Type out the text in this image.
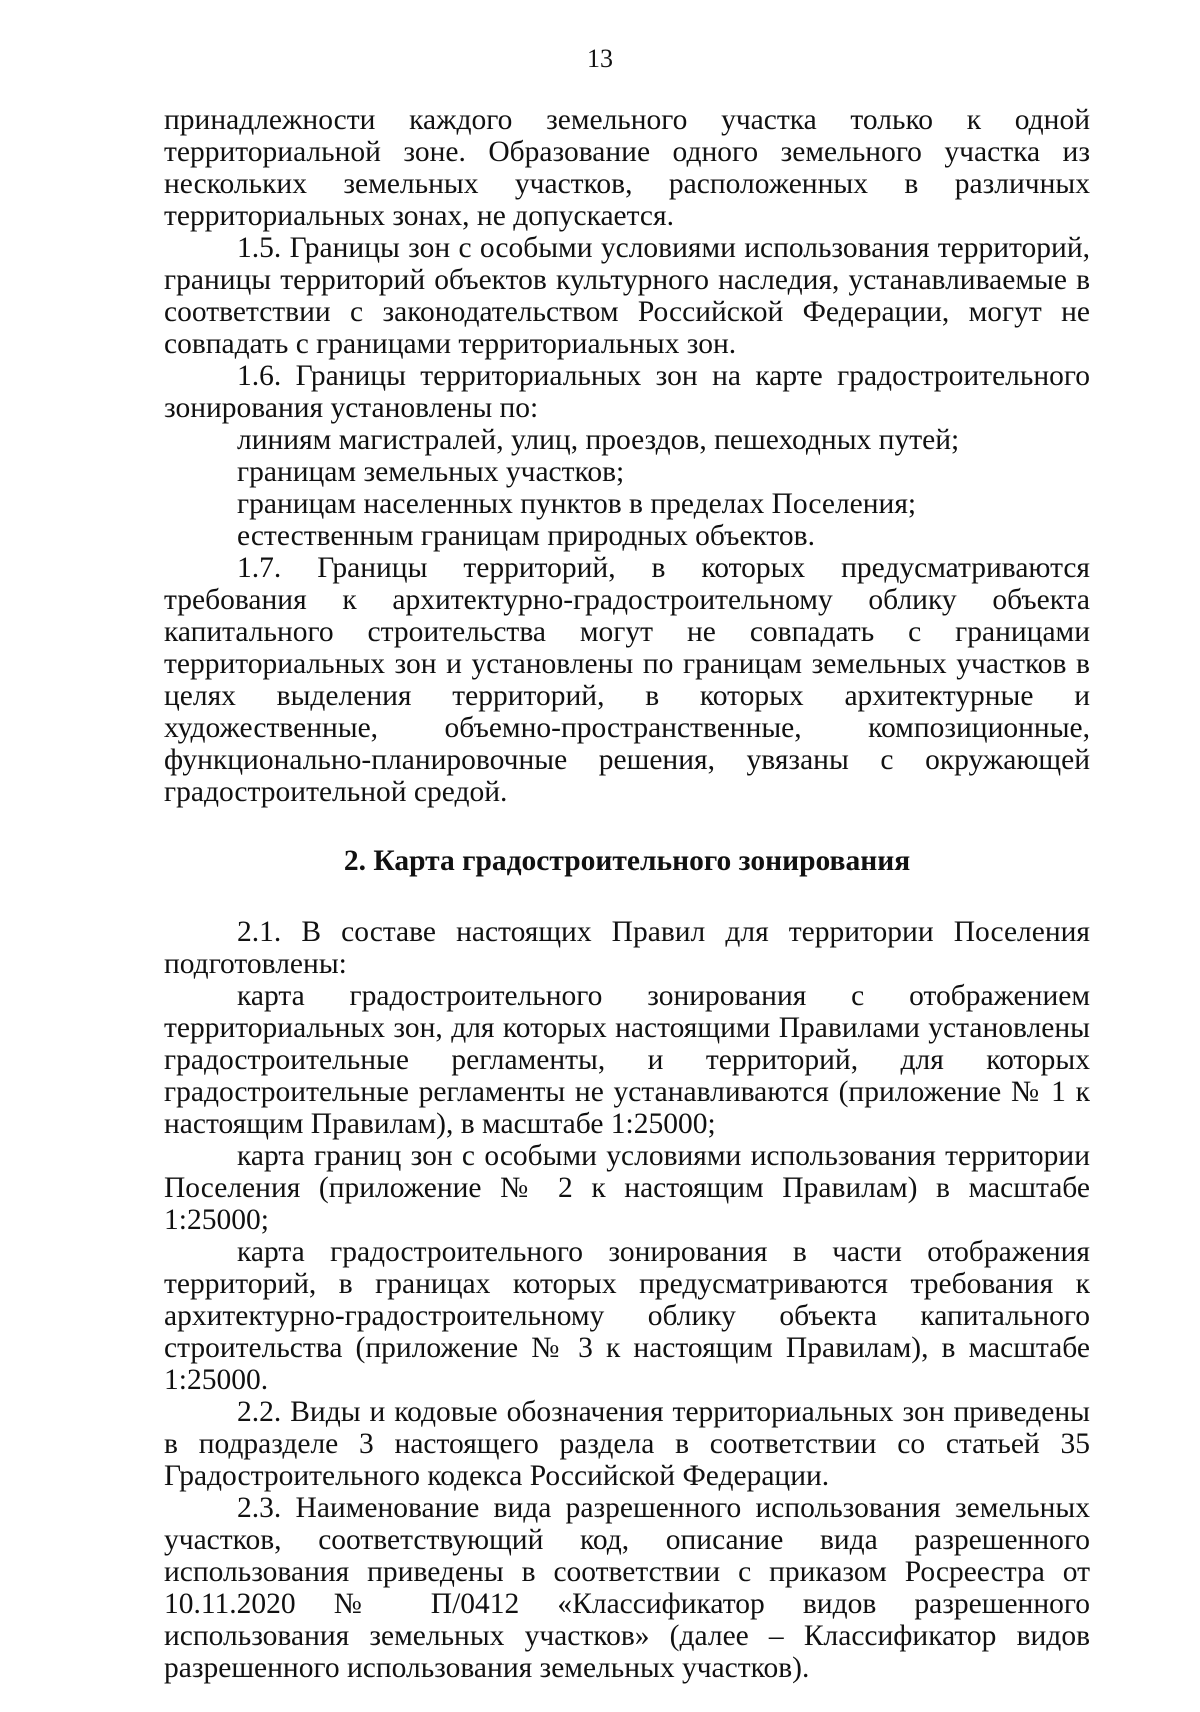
13

принадлежности каждого земельного участка только к одной территориальной зоне. Образование одного земельного участка из нескольких земельных участков, расположенных в различных территориальных зонах, не допускается.

1.5. Границы зон с особыми условиями использования территорий, границы территорий объектов культурного наследия, устанавливаемые в соответствии с законодательством Российской Федерации, могут не совпадать с границами территориальных зон.

1.6. Границы территориальных зон на карте градостроительного зонирования установлены по:

линиям магистралей, улиц, проездов, пешеходных путей;

границам земельных участков;

границам населенных пунктов в пределах Поселения;

естественным границам природных объектов.

1.7. Границы территорий, в которых предусматриваются требования к архитектурно-градостроительному облику объекта капитального строительства могут не совпадать с границами территориальных зон и установлены по границам земельных участков в целях выделения территорий, в которых архитектурные и художественные, объемно-пространственные, композиционные, функционально-планировочные решения, увязаны с окружающей градостроительной средой.

2. Карта градостроительного зонирования

2.1. В составе настоящих Правил для территории Поселения подготовлены:

карта градостроительного зонирования с отображением территориальных зон, для которых настоящими Правилами установлены градостроительные регламенты, и территорий, для которых градостроительные регламенты не устанавливаются (приложение № 1 к настоящим Правилам), в масштабе 1:25000;

карта границ зон с особыми условиями использования территории Поселения (приложение № 2 к настоящим Правилам) в масштабе 1:25000;

карта градостроительного зонирования в части отображения территорий, в границах которых предусматриваются требования к архитектурно-градостроительному облику объекта капитального строительства (приложение № 3 к настоящим Правилам), в масштабе 1:25000.

2.2. Виды и кодовые обозначения территориальных зон приведены в подразделе 3 настоящего раздела в соответствии со статьей 35 Градостроительного кодекса Российской Федерации.

2.3. Наименование вида разрешенного использования земельных участков, соответствующий код, описание вида разрешенного использования приведены в соответствии с приказом Росреестра от 10.11.2020 № П/0412 «Классификатор видов разрешенного использования земельных участков» (далее – Классификатор видов разрешенного использования земельных участков).
